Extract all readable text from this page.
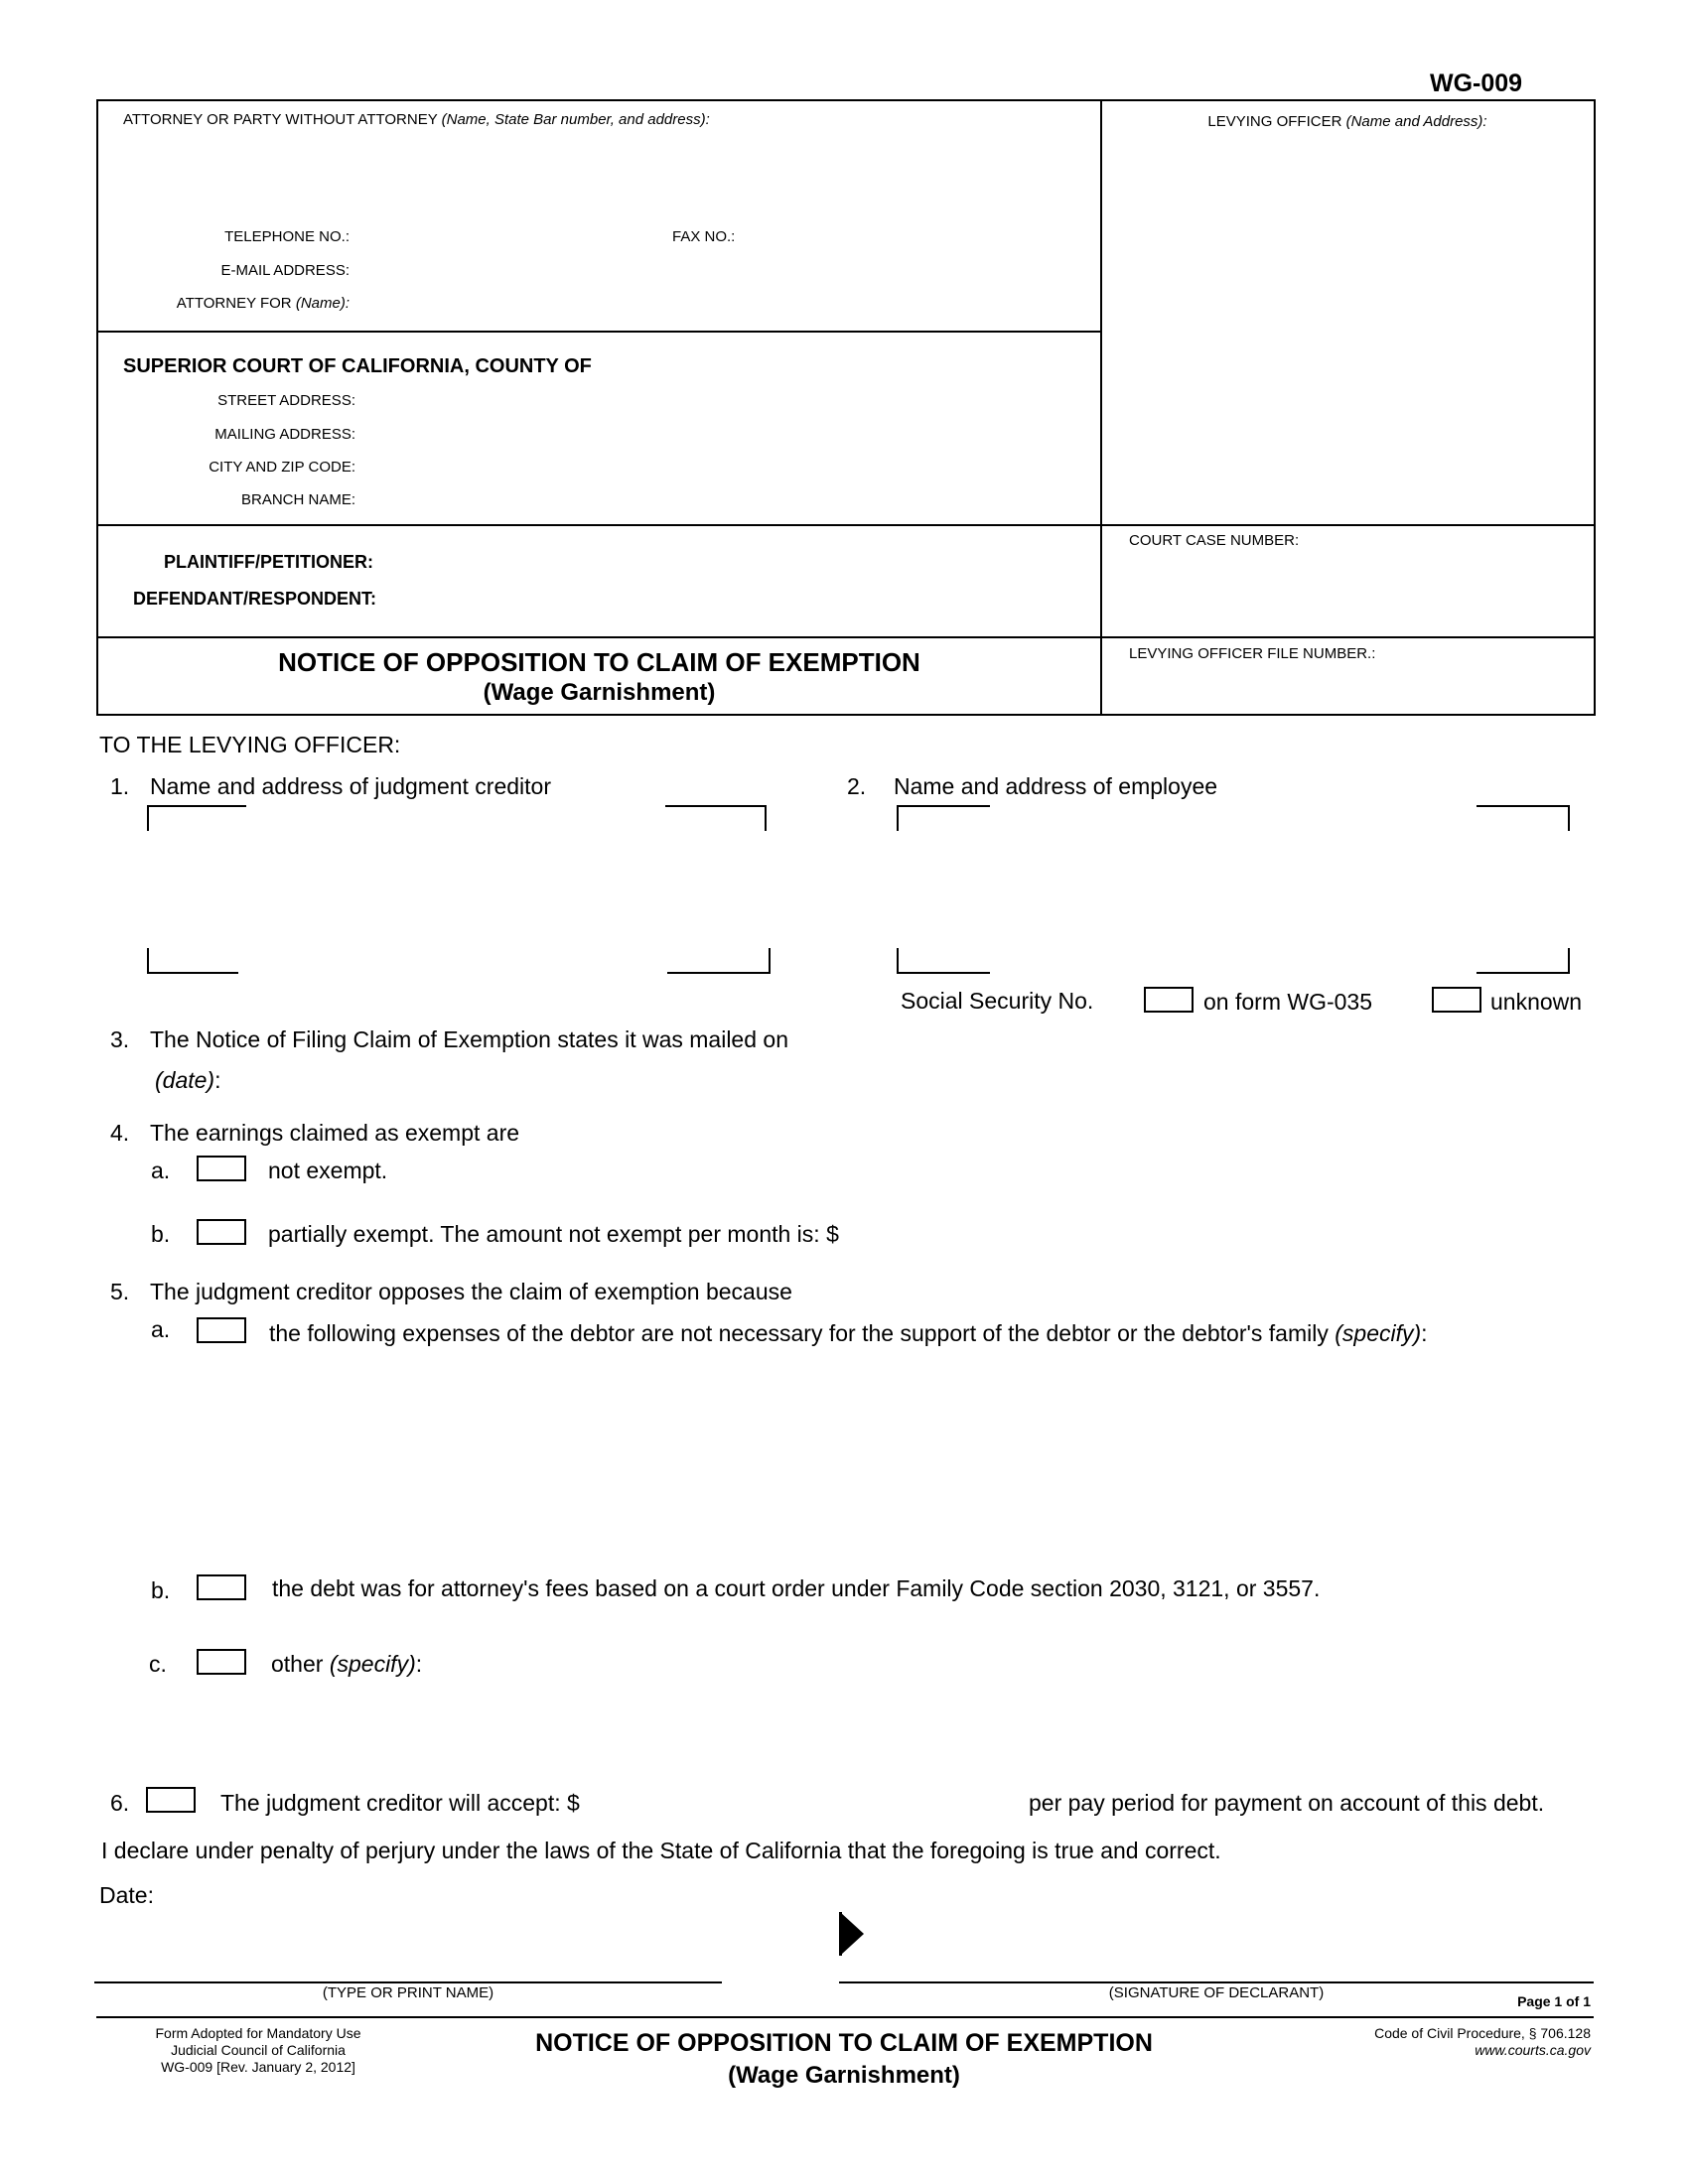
WG-009
ATTORNEY OR PARTY WITHOUT ATTORNEY (Name, State Bar number, and address):
TELEPHONE NO.:	FAX NO.:
E-MAIL ADDRESS:
ATTORNEY FOR (Name):
LEVYING OFFICER (Name and Address):
SUPERIOR COURT OF CALIFORNIA, COUNTY OF
STREET ADDRESS:
MAILING ADDRESS:
CITY AND ZIP CODE:
BRANCH NAME:
PLAINTIFF/PETITIONER:
DEFENDANT/RESPONDENT:
COURT CASE NUMBER:
LEVYING OFFICER FILE NUMBER.:
NOTICE OF OPPOSITION TO CLAIM OF EXEMPTION
(Wage Garnishment)
TO THE LEVYING OFFICER:
1. Name and address of judgment creditor	2. Name and address of employee
Social Security No.	on form WG-035	unknown
3. The Notice of Filing Claim of Exemption states it was mailed on
(date):
4. The earnings claimed as exempt are
a.	not exempt.
b.	partially exempt. The amount not exempt per month is: $
5. The judgment creditor opposes the claim of exemption because
a.	the following expenses of the debtor are not necessary for the support of the debtor or the debtor's family (specify):
b.	the debt was for attorney's fees based on a court order under Family Code section 2030, 3121, or 3557.
c.	other (specify):
6.	The judgment creditor will accept: $	per pay period for payment on account of this debt.
I declare under penalty of perjury under the laws of the State of California that the foregoing is true and correct.
Date:
(TYPE OR PRINT NAME)	(SIGNATURE OF DECLARANT)	Page 1 of 1
Form Adopted for Mandatory Use
Judicial Council of California
WG-009 [Rev. January 2, 2012]
NOTICE OF OPPOSITION TO CLAIM OF EXEMPTION
(Wage Garnishment)
Code of Civil Procedure, § 706.128
www.courts.ca.gov
